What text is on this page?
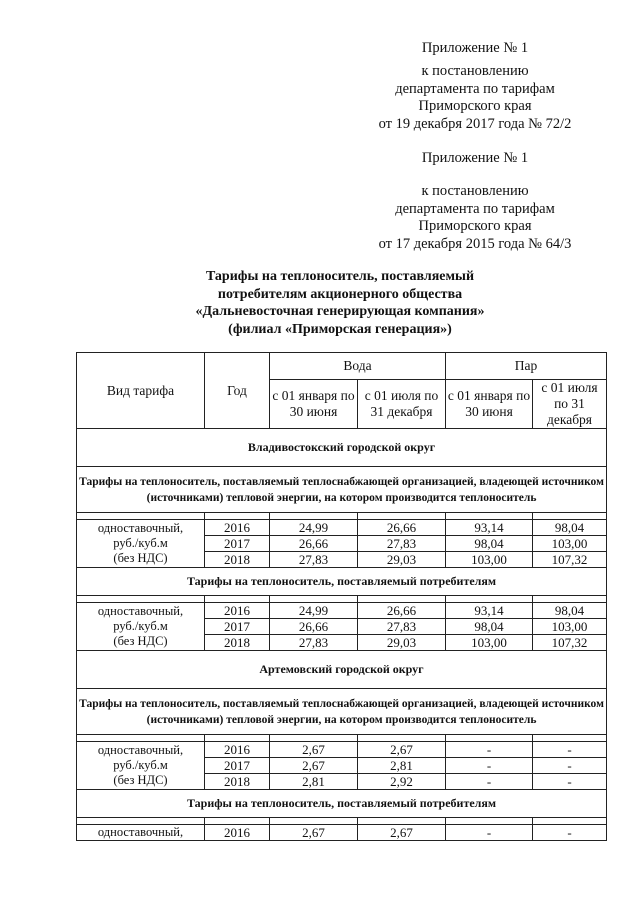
Приложение № 1
к постановлению
департамента по тарифам
Приморского края
от 19 декабря 2017 года № 72/2
Приложение № 1
к постановлению
департамента по тарифам
Приморского края
от 17 декабря 2015 года № 64/3
Тарифы на теплоноситель, поставляемый
потребителям акционерного общества
«Дальневосточная генерирующая компания»
(филиал «Приморская генерация»)
Вид тарифа	Год	Вода		Пар	
		с 01 января по 30 июня	с 01 июля по 31 декабря	с 01 января по 30 июня	с 01 июля по 31 декабря
Владивостокский городской округ					
Тарифы на теплоноситель, поставляемый теплоснабжающей организацией, владеющей источником (источниками) тепловой энергии, на котором производится теплоноситель					

одноставочный,
руб./куб.м
(без НДС)	2016	24,99	26,66	93,14	98,04
	2017	26,66	27,83	98,04	103,00
	2018	27,83	29,03	103,00	107,32
Тарифы на теплоноситель, поставляемый потребителям					

одноставочный,
руб./куб.м
(без НДС)	2016	24,99	26,66	93,14	98,04
	2017	26,66	27,83	98,04	103,00
	2018	27,83	29,03	103,00	107,32
Артемовский городской округ					
Тарифы на теплоноситель, поставляемый теплоснабжающей организацией, владеющей источником (источниками) тепловой энергии, на котором производится теплоноситель					

одноставочный,
руб./куб.м
(без НДС)	2016	2,67	2,67	-	-
	2017	2,67	2,81	-	-
	2018	2,81	2,92	-	-
Тарифы на теплоноситель, поставляемый потребителям					

одноставочный,	2016	2,67	2,67	-	-
